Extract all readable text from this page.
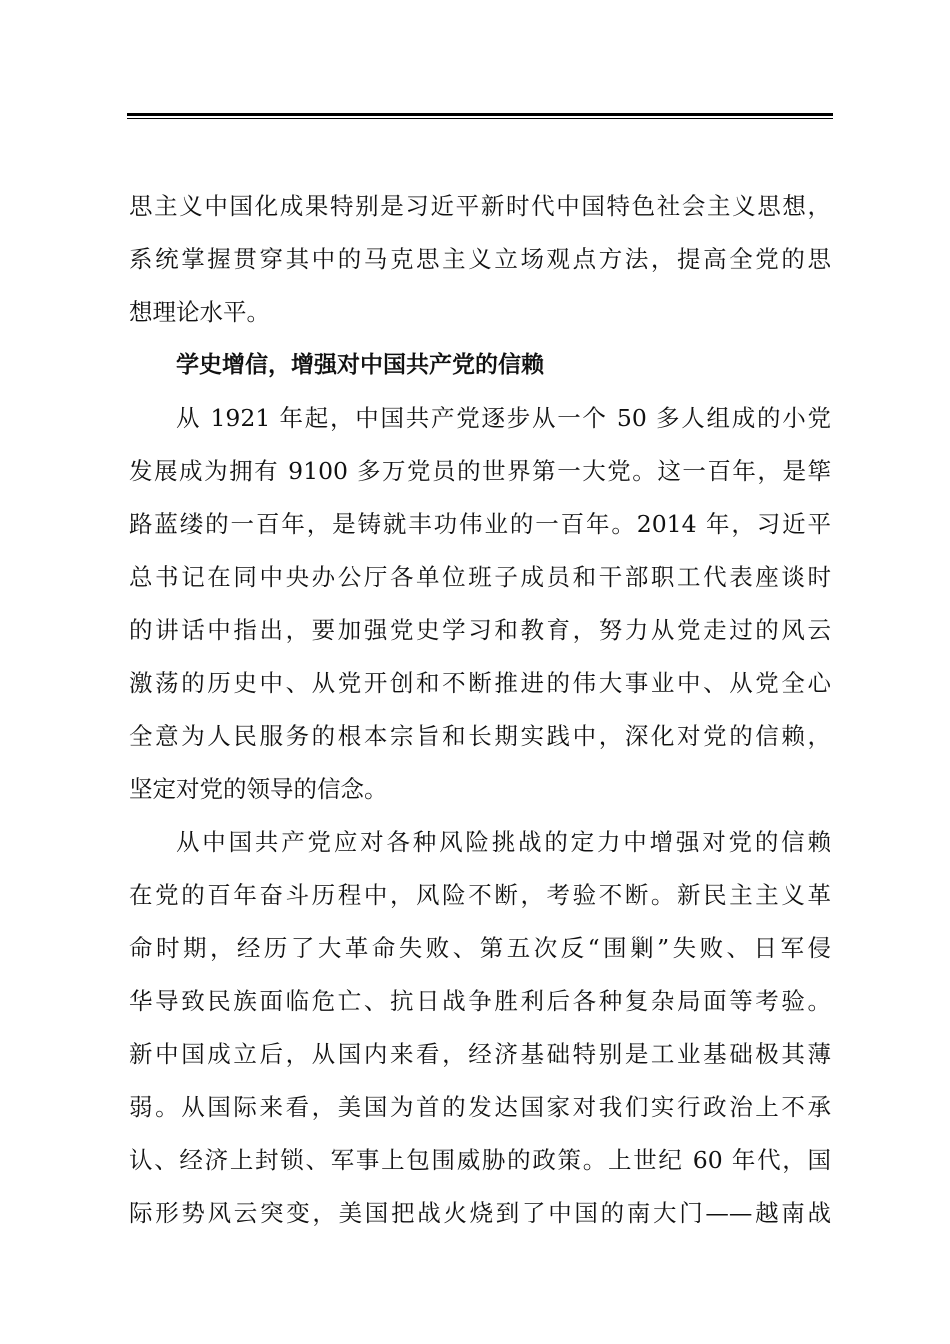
思主义中国化成果特别是习近平新时代中国特色社会主义思想，
系统掌握贯穿其中的马克思主义立场观点方法，提高全党的思
想理论水平。
学史增信，增强对中国共产党的信赖
从 1921 年起，中国共产党逐步从一个 50 多人组成的小党
发展成为拥有 9100 多万党员的世界第一大党。这一百年，是筚
路蓝缕的一百年，是铸就丰功伟业的一百年。2014 年，习近平
总书记在同中央办公厅各单位班子成员和干部职工代表座谈时
的讲话中指出，要加强党史学习和教育，努力从党走过的风云
激荡的历史中、从党开创和不断推进的伟大事业中、从党全心
全意为人民服务的根本宗旨和长期实践中，深化对党的信赖，
坚定对党的领导的信念。
从中国共产党应对各种风险挑战的定力中增强对党的信赖
在党的百年奋斗历程中，风险不断，考验不断。新民主主义革
命时期，经历了大革命失败、第五次反“围剿”失败、日军侵
华导致民族面临危亡、抗日战争胜利后各种复杂局面等考验。
新中国成立后，从国内来看，经济基础特别是工业基础极其薄
弱。从国际来看，美国为首的发达国家对我们实行政治上不承
认、经济上封锁、军事上包围威胁的政策。上世纪 60 年代，国
际形势风云突变，美国把战火烧到了中国的南大门——越南战
